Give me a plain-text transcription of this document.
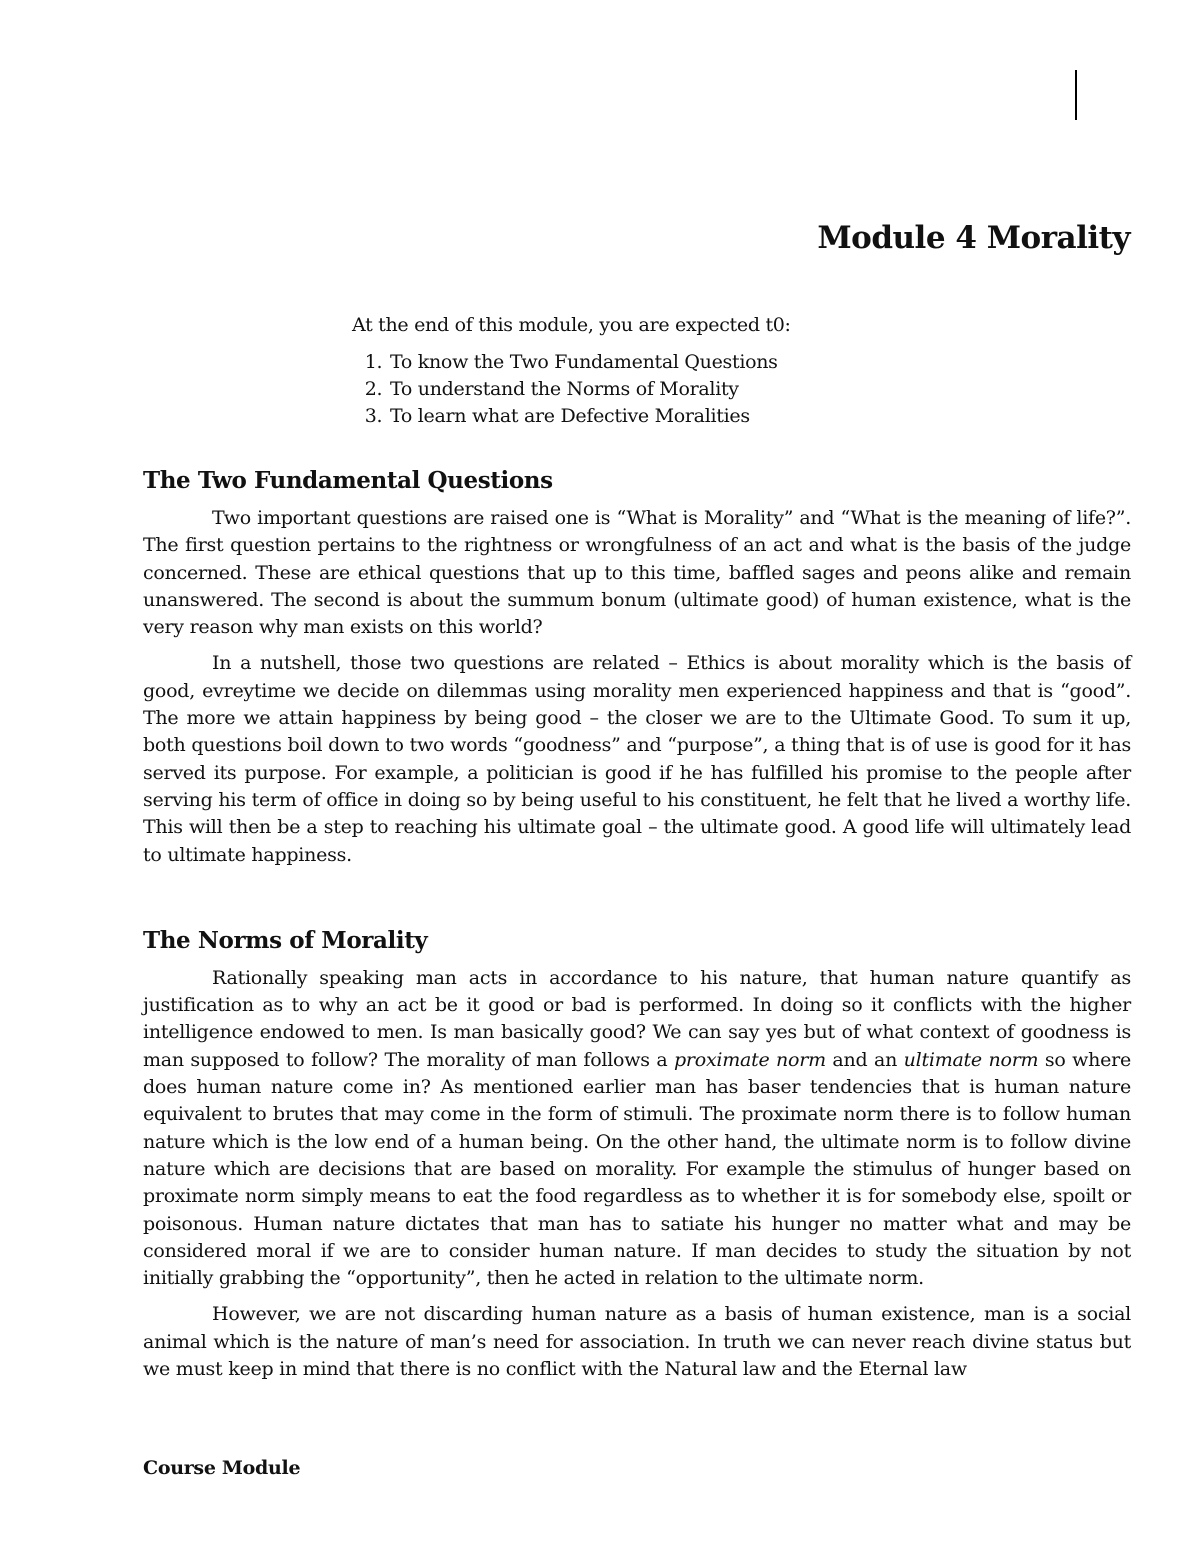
Module 4 Morality

At the end of this module, you are expected t0:

1. To know the Two Fundamental Questions
2. To understand the Norms of Morality
3. To learn what are Defective Moralities
The Two Fundamental Questions

Two important questions are raised one is “What is Morality” and “What is the meaning of life?”. The first question pertains to the rightness or wrongfulness of an act and what is the basis of the judge concerned. These are ethical questions that up to this time, baffled sages and peons alike and remain unanswered. The second is about the summum bonum (ultimate good) of human existence, what is the very reason why man exists on this world?

In a nutshell, those two questions are related – Ethics is about morality which is the basis of good, evreytime we decide on dilemmas using morality men experienced happiness and that is “good”. The more we attain happiness by being good – the closer we are to the Ultimate Good. To sum it up, both questions boil down to two words “goodness” and “purpose”, a thing that is of use is good for it has served its purpose. For example, a politician is good if he has fulfilled his promise to the people after serving his term of office in doing so by being useful to his constituent, he felt that he lived a worthy life. This will then be a step to reaching his ultimate goal – the ultimate good. A good life will ultimately lead to ultimate happiness.

The Norms of Morality

Rationally speaking man acts in accordance to his nature, that human nature quantify as justification as to why an act be it good or bad is performed. In doing so it conflicts with the higher intelligence endowed to men. Is man basically good? We can say yes but of what context of goodness is man supposed to follow? The morality of man follows a proximate norm and an ultimate norm so where does human nature come in? As mentioned earlier man has baser tendencies that is human nature equivalent to brutes that may come in the form of stimuli. The proximate norm there is to follow human nature which is the low end of a human being. On the other hand, the ultimate norm is to follow divine nature which are decisions that are based on morality. For example the stimulus of hunger based on proximate norm simply means to eat the food regardless as to whether it is for somebody else, spoilt or poisonous. Human nature dictates that man has to satiate his hunger no matter what and may be considered moral if we are to consider human nature. If man decides to study the situation by not initially grabbing the “opportunity”, then he acted in relation to the ultimate norm.

However, we are not discarding human nature as a basis of human existence, man is a social animal which is the nature of man’s need for association. In truth we can never reach divine status but we must keep in mind that there is no conflict with the Natural law and the Eternal law

Course Module
